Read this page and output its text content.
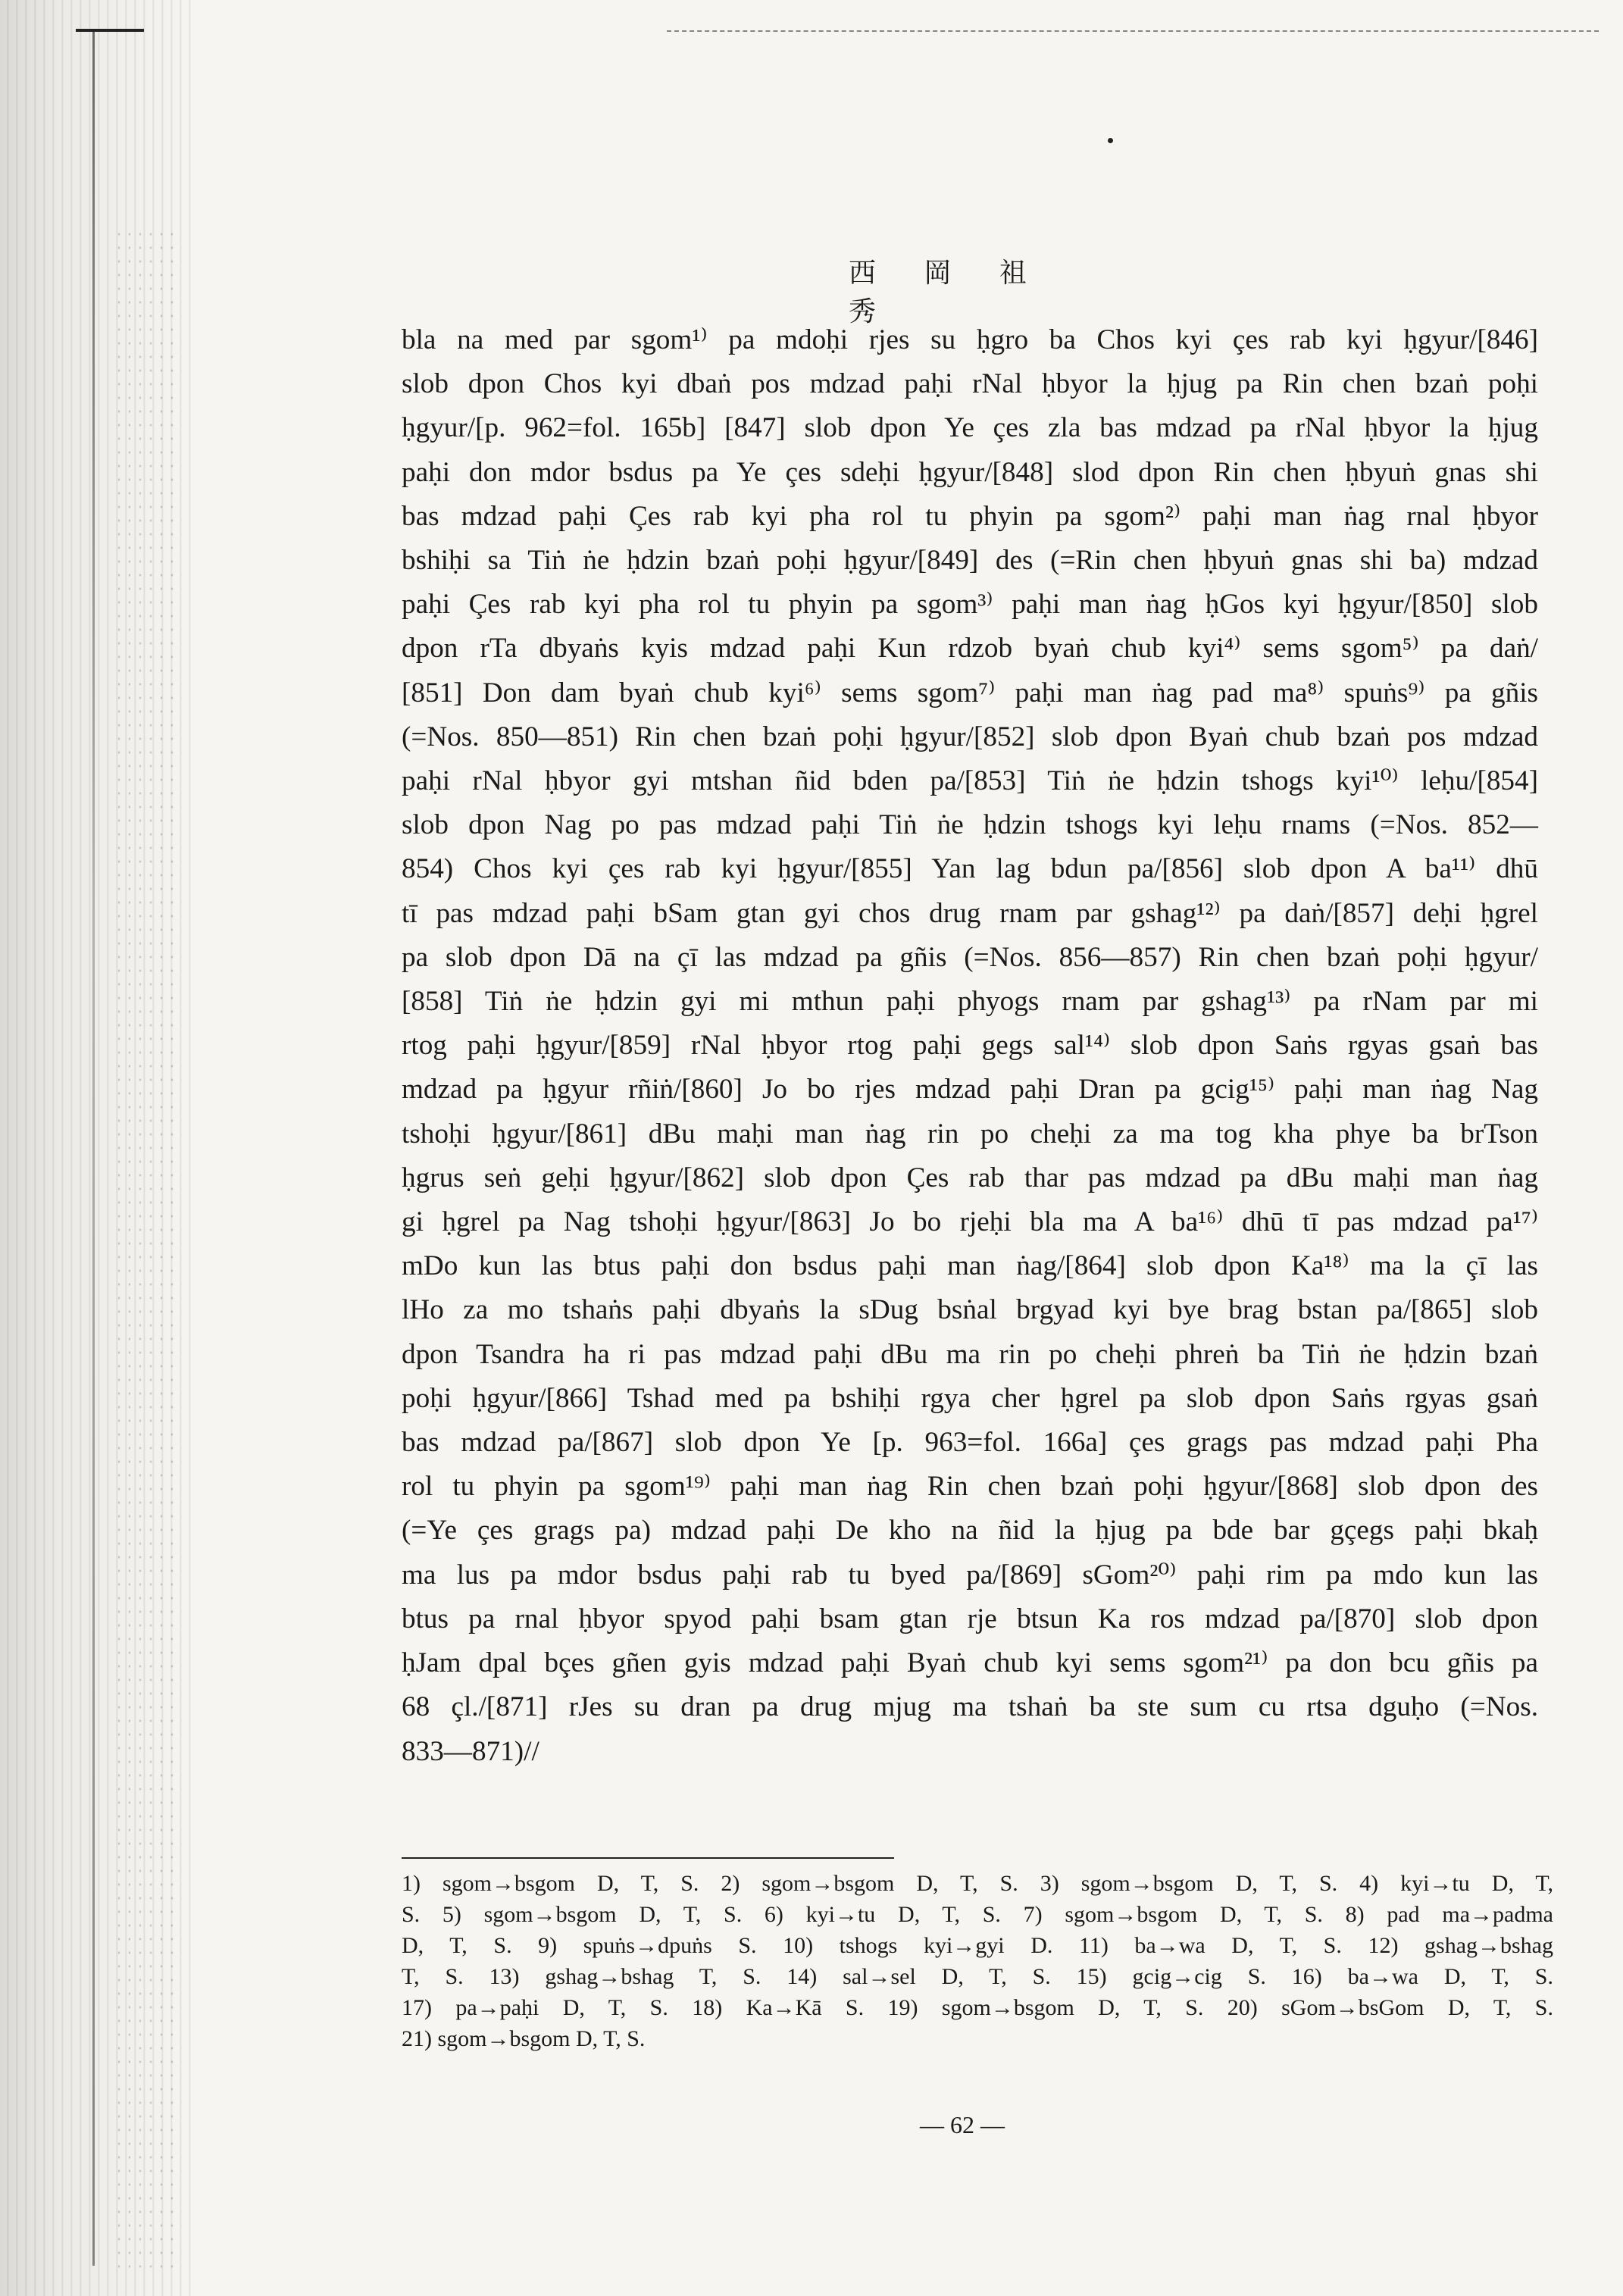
西 岡 祖 秀
bla na med par sgom¹⁾ pa mdoḥi rjes su ḥgro ba Chos kyi çes rab kyi ḥgyur/[846]
slob dpon Chos kyi dbaṅ pos mdzad paḥi rNal ḥbyor la ḥjug pa Rin chen bzaṅ poḥi
ḥgyur/[p. 962=fol. 165b] [847] slob dpon Ye çes zla bas mdzad pa rNal ḥbyor la ḥjug
paḥi don mdor bsdus pa Ye çes sdeḥi ḥgyur/[848] slod dpon Rin chen ḥbyuṅ gnas shi
bas mdzad paḥi Çes rab kyi pha rol tu phyin pa sgom²⁾ paḥi man ṅag rnal ḥbyor
bshiḥi sa Tiṅ ṅe ḥdzin bzaṅ poḥi ḥgyur/[849] des (=Rin chen ḥbyuṅ gnas shi ba) mdzad
paḥi Çes rab kyi pha rol tu phyin pa sgom³⁾ paḥi man ṅag ḥGos kyi ḥgyur/[850] slob
dpon rTa dbyaṅs kyis mdzad paḥi Kun rdzob byaṅ chub kyi⁴⁾ sems sgom⁵⁾ pa daṅ/
[851] Don dam byaṅ chub kyi⁶⁾ sems sgom⁷⁾ paḥi man ṅag pad ma⁸⁾ spuṅs⁹⁾ pa gñis
(=Nos. 850—851) Rin chen bzaṅ poḥi ḥgyur/[852] slob dpon Byaṅ chub bzaṅ pos mdzad
paḥi rNal ḥbyor gyi mtshan ñid bden pa/[853] Tiṅ ṅe ḥdzin tshogs kyi¹⁰⁾ leḥu/[854]
slob dpon Nag po pas mdzad paḥi Tiṅ ṅe ḥdzin tshogs kyi leḥu rnams (=Nos. 852—
854) Chos kyi çes rab kyi ḥgyur/[855] Yan lag bdun pa/[856] slob dpon A ba¹¹⁾ dhū
tī pas mdzad paḥi bSam gtan gyi chos drug rnam par gshag¹²⁾ pa daṅ/[857] deḥi ḥgrel
pa slob dpon Dā na çī las mdzad pa gñis (=Nos. 856—857) Rin chen bzaṅ poḥi ḥgyur/
[858] Tiṅ ṅe ḥdzin gyi mi mthun paḥi phyogs rnam par gshag¹³⁾ pa rNam par mi
rtog paḥi ḥgyur/[859] rNal ḥbyor rtog paḥi gegs sal¹⁴⁾ slob dpon Saṅs rgyas gsaṅ bas
mdzad pa ḥgyur rñiṅ/[860] Jo bo rjes mdzad paḥi Dran pa gcig¹⁵⁾ paḥi man ṅag Nag
tshoḥi ḥgyur/[861] dBu maḥi man ṅag rin po cheḥi za ma tog kha phye ba brTson
ḥgrus seṅ geḥi ḥgyur/[862] slob dpon Çes rab thar pas mdzad pa dBu maḥi man ṅag
gi ḥgrel pa Nag tshoḥi ḥgyur/[863] Jo bo rjeḥi bla ma A ba¹⁶⁾ dhū tī pas mdzad pa¹⁷⁾
mDo kun las btus paḥi don bsdus paḥi man ṅag/[864] slob dpon Ka¹⁸⁾ ma la çī las
lHo za mo tshaṅs paḥi dbyaṅs la sDug bsṅal brgyad kyi bye brag bstan pa/[865] slob
dpon Tsandra ha ri pas mdzad paḥi dBu ma rin po cheḥi phreṅ ba Tiṅ ṅe ḥdzin bzaṅ
poḥi ḥgyur/[866] Tshad med pa bshiḥi rgya cher ḥgrel pa slob dpon Saṅs rgyas gsaṅ
bas mdzad pa/[867] slob dpon Ye [p. 963=fol. 166a] çes grags pas mdzad paḥi Pha
rol tu phyin pa sgom¹⁹⁾ paḥi man ṅag Rin chen bzaṅ poḥi ḥgyur/[868] slob dpon des
(=Ye çes grags pa) mdzad paḥi De kho na ñid la ḥjug pa bde bar gçegs paḥi bkaḥ
ma lus pa mdor bsdus paḥi rab tu byed pa/[869] sGom²⁰⁾ paḥi rim pa mdo kun las
btus pa rnal ḥbyor spyod paḥi bsam gtan rje btsun Ka ros mdzad pa/[870] slob dpon
ḥJam dpal bçes gñen gyis mdzad paḥi Byaṅ chub kyi sems sgom²¹⁾ pa don bcu gñis pa
68 çl./[871] rJes su dran pa drug mjug ma tshaṅ ba ste sum cu rtsa dguḥo (=Nos.
833—871)//
1) sgom→bsgom D, T, S. 2) sgom→bsgom D, T, S. 3) sgom→bsgom D, T, S. 4) kyi→tu D, T,
S. 5) sgom→bsgom D, T, S. 6) kyi→tu D, T, S. 7) sgom→bsgom D, T, S. 8) pad ma→padma
D, T, S. 9) spuṅs→dpuṅs S. 10) tshogs kyi→gyi D. 11) ba→wa D, T, S. 12) gshag→bshag
T, S. 13) gshag→bshag T, S. 14) sal→sel D, T, S. 15) gcig→cig S. 16) ba→wa D, T, S.
17) pa→paḥi D, T, S. 18) Ka→Kā S. 19) sgom→bsgom D, T, S. 20) sGom→bsGom D, T, S.
21) sgom→bsgom D, T, S.
— 62 —
